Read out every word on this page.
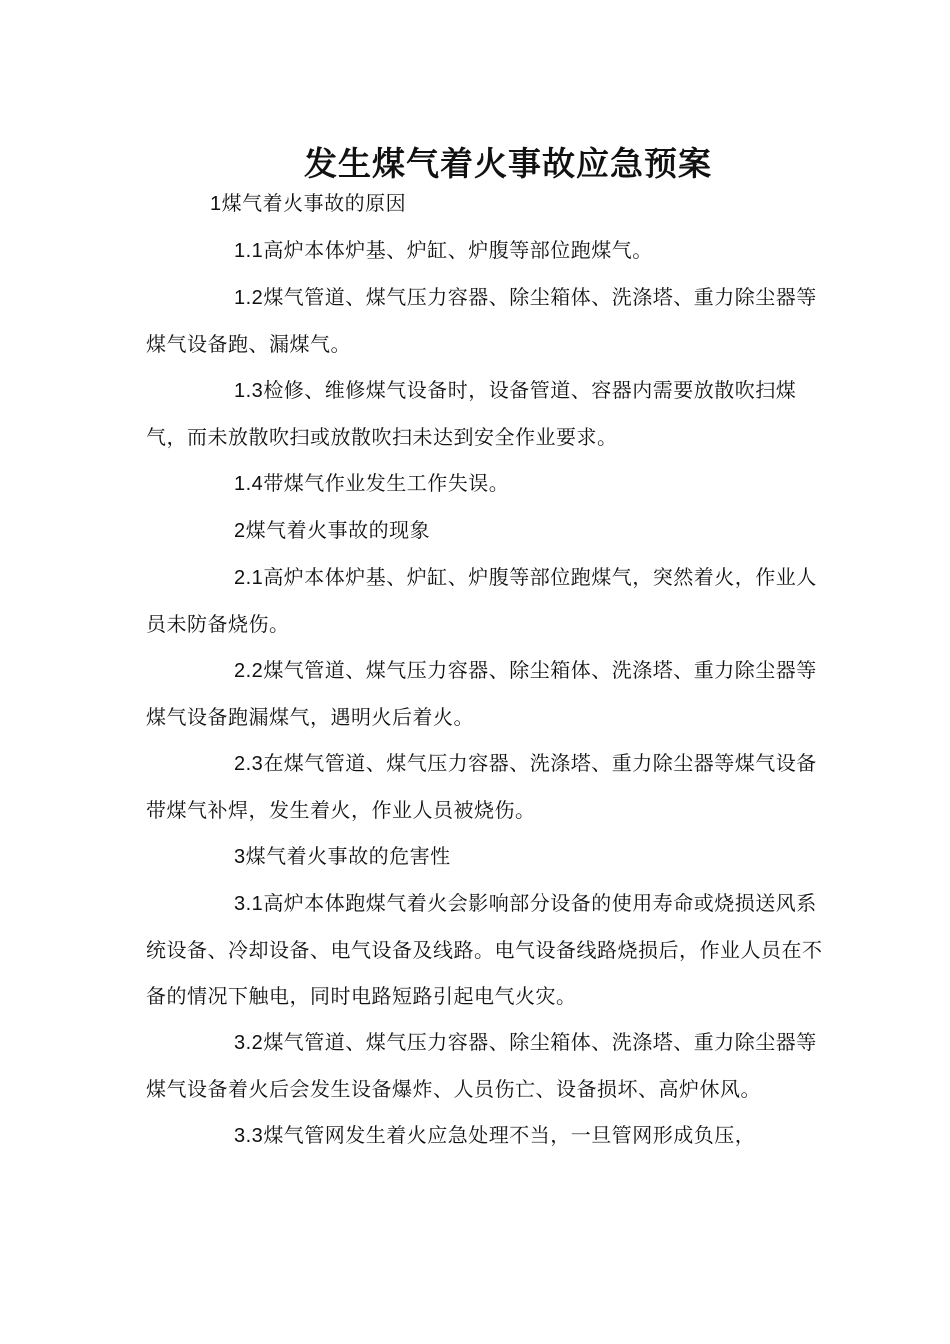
发生煤气着火事故应急预案

1煤气着火事故的原因

1.1高炉本体炉基、炉缸、炉腹等部位跑煤气。

1.2煤气管道、煤气压力容器、除尘箱体、洗涤塔、重力除尘器等煤气设备跑、漏煤气。

1.3检修、维修煤气设备时，设备管道、容器内需要放散吹扫煤气，而未放散吹扫或放散吹扫未达到安全作业要求。

1.4带煤气作业发生工作失误。

2煤气着火事故的现象

2.1高炉本体炉基、炉缸、炉腹等部位跑煤气，突然着火，作业人员未防备烧伤。

2.2煤气管道、煤气压力容器、除尘箱体、洗涤塔、重力除尘器等煤气设备跑漏煤气，遇明火后着火。

2.3在煤气管道、煤气压力容器、洗涤塔、重力除尘器等煤气设备带煤气补焊，发生着火，作业人员被烧伤。

3煤气着火事故的危害性

3.1高炉本体跑煤气着火会影响部分设备的使用寿命或烧损送风系统设备、冷却设备、电气设备及线路。电气设备线路烧损后，作业人员在不备的情况下触电，同时电路短路引起电气火灾。

3.2煤气管道、煤气压力容器、除尘箱体、洗涤塔、重力除尘器等煤气设备着火后会发生设备爆炸、人员伤亡、设备损坏、高炉休风。

3.3煤气管网发生着火应急处理不当，一旦管网形成负压，
